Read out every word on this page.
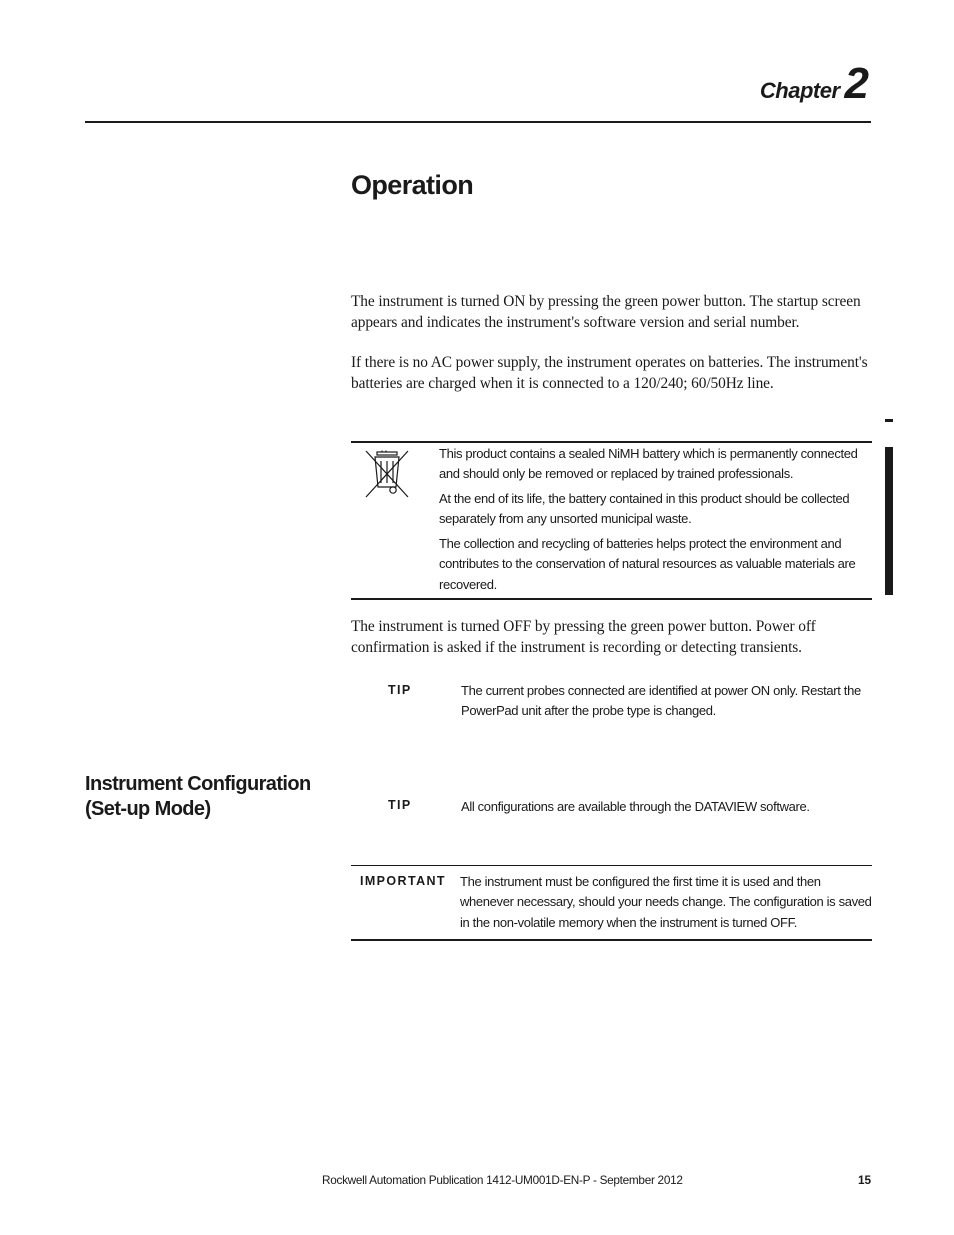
Chapter 2
Operation

The instrument is turned ON by pressing the green power button. The startup screen appears and indicates the instrument's software version and serial number.

If there is no AC power supply, the instrument operates on batteries. The instrument's batteries are charged when it is connected to a 120/240; 60/50Hz line.

This product contains a sealed NiMH battery which is permanently connected and should only be removed or replaced by trained professionals.

At the end of its life, the battery contained in this product should be collected separately from any unsorted municipal waste.

The collection and recycling of batteries helps protect the environment and contributes to the conservation of natural resources as valuable materials are recovered.

The instrument is turned OFF by pressing the green power button. Power off confirmation is asked if the instrument is recording or detecting transients.

TIP	The current probes connected are identified at power ON only. Restart the PowerPad unit after the probe type is changed.
Instrument Configuration (Set-up Mode)	TIP	All configurations are available through the DATAVIEW software.
IMPORTANT The instrument must be configured the first time it is used and then whenever necessary, should your needs change. The configuration is saved in the non-volatile memory when the instrument is turned OFF.
Rockwell Automation Publication 1412-UM001D-EN-P - September 2012	15
